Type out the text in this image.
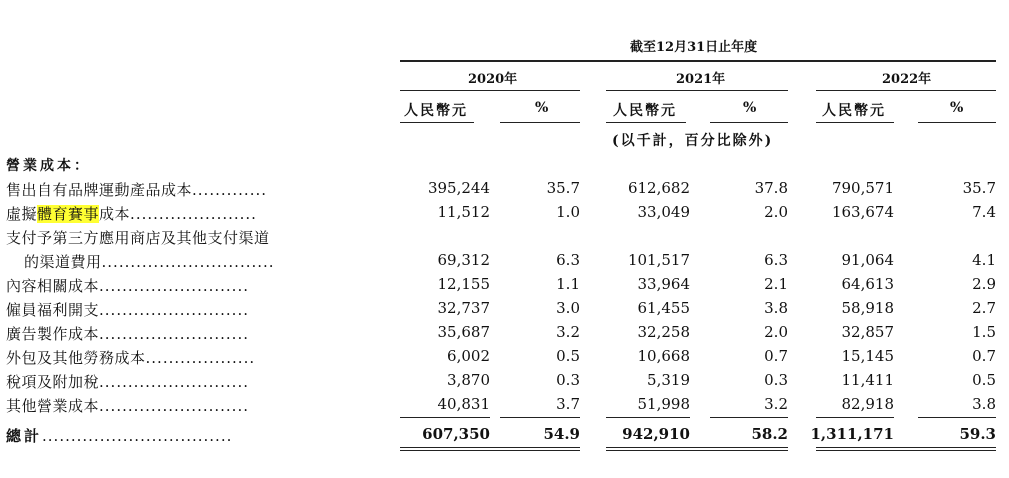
截至12月31日止年度
2020年	2021年	2022年
人民幣元	%	人民幣元	%	人民幣元	%
(以千計，百分比除外)
營業成本：
售出自有品牌運動產品成本.............	395,244	35.7	612,682	37.8	790,571	35.7
虛擬體育賽事成本......................	11,512	1.0	33,049	2.0	163,674	7.4
支付予第三方應用商店及其他支付渠道
的渠道費用..............................	69,312	6.3	101,517	6.3	91,064	4.1
內容相關成本..........................	12,155	1.1	33,964	2.1	64,613	2.9
僱員福利開支..........................	32,737	3.0	61,455	3.8	58,918	2.7
廣告製作成本..........................	35,687	3.2	32,258	2.0	32,857	1.5
外包及其他勞務成本...................	6,002	0.5	10,668	0.7	15,145	0.7
稅項及附加稅..........................	3,870	0.3	5,319	0.3	11,411	0.5
其他營業成本..........................	40,831	3.7	51,998	3.2	82,918	3.8
總計.................................	607,350	54.9	942,910	58.2 1,311,171	59.3
